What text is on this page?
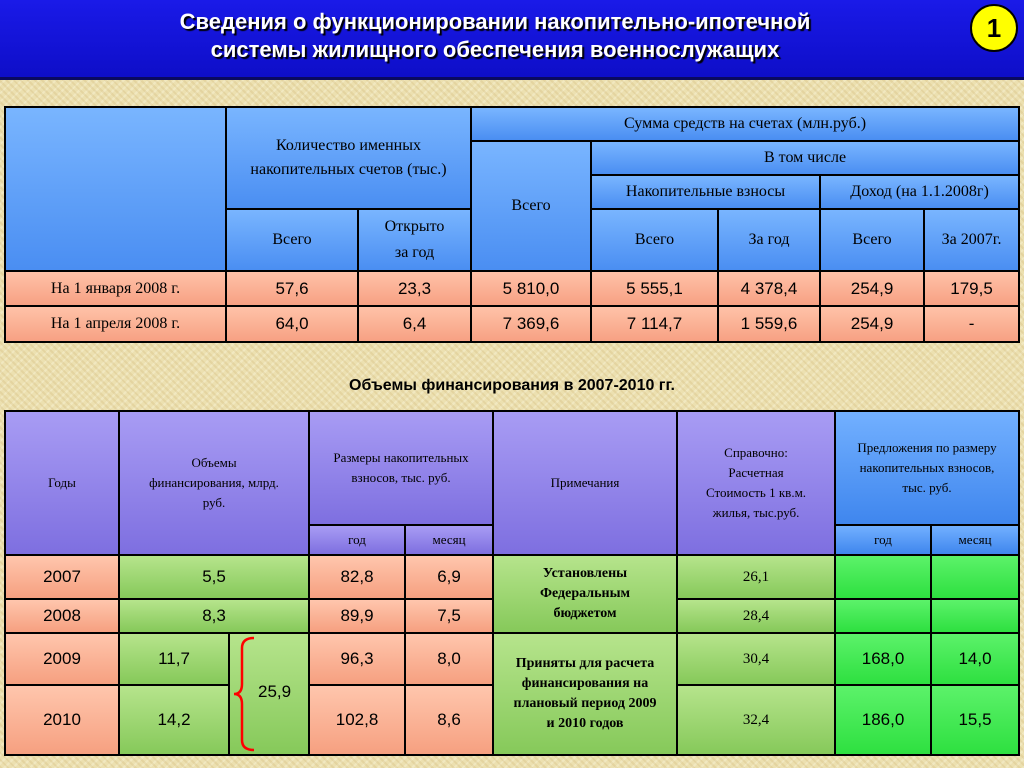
Сведения о функционировании накопительно-ипотечной
системы жилищного обеспечения военнослужащих
1
	Количество именных накопительных счетов (тыс.)		Сумма средств на счетах (млн.руб.)				
			Всего	В том числе			
				Накопительные взносы		Доход (на 1.1.2008г)	
	Всего	Открыто за год		Всего	За год	Всего	За 2007г.
На 1 января 2008 г.	57,6	23,3	5 810,0	5 555,1	4 378,4	254,9	179,5
На 1 апреля 2008 г.	64,0	6,4	7 369,6	7 114,7	1 559,6	254,9	-
Объемы финансирования в 2007-2010 гг.
Годы	Объемы финансирования, млрд. руб.		Размеры накопительных взносов, тыс. руб.		Примечания	Справочно: Расчетная Стоимость 1 кв.м. жилья, тыс.руб.	Предложения по размеру накопительных взносов, тыс. руб.	
			год	месяц			год	месяц
2007	5,5		82,8	6,9	Установлены Федеральным бюджетом	26,1		
2008	8,3		89,9	7,5		28,4		
2009	11,7	25,9	96,3	8,0	Приняты для расчета финансирования на плановый период 2009 и 2010 годов	30,4	168,0	14,0
2010	14,2		102,8	8,6		32,4	186,0	15,5
